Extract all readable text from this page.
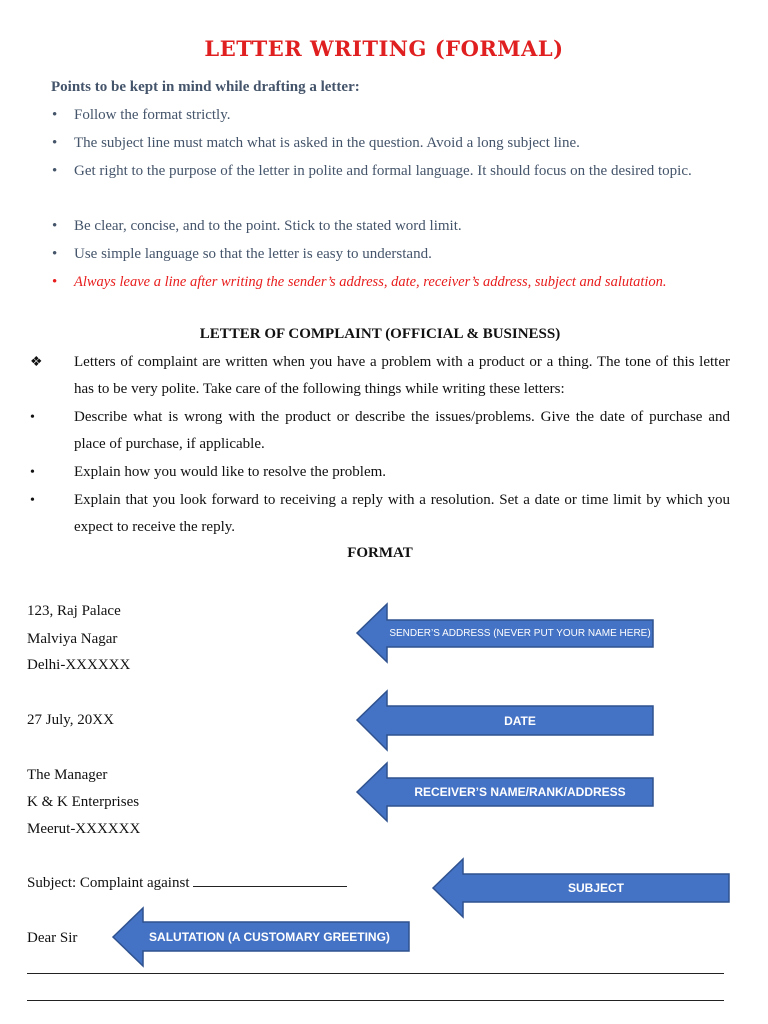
LETTER WRITING (FORMAL)
Points to be kept in mind while drafting a letter:
• Follow the format strictly.
• The subject line must match what is asked in the question. Avoid a long subject line.
• Get right to the purpose of the letter in polite and formal language. It should focus on the desired topic.
• Be clear, concise, and to the point. Stick to the stated word limit.
• Use simple language so that the letter is easy to understand.
• Always leave a line after writing the sender’s address, date, receiver’s address, subject and salutation.
LETTER OF COMPLAINT (OFFICIAL & BUSINESS)
❖ Letters of complaint are written when you have a problem with a product or a thing. The tone of this letter has to be very polite. Take care of the following things while writing these letters:
•	Describe what is wrong with the product or describe the issues/problems. Give the date of purchase and place of purchase, if applicable.
•	Explain how you would like to resolve the problem.
•	Explain that you look forward to receiving a reply with a resolution. Set a date or time limit by which you expect to receive the reply.
FORMAT
123, Raj Palace
Malviya Nagar
Delhi-XXXXXX
27 July, 20XX
The Manager
K & K Enterprises
Meerut-XXXXXX
Subject: Complaint against
Dear Sir
SENDER’S ADDRESS (NEVER PUT YOUR NAME HERE)
DATE
RECEIVER’S NAME/RANK/ADDRESS
SUBJECT
SALUTATION (A CUSTOMARY GREETING)
